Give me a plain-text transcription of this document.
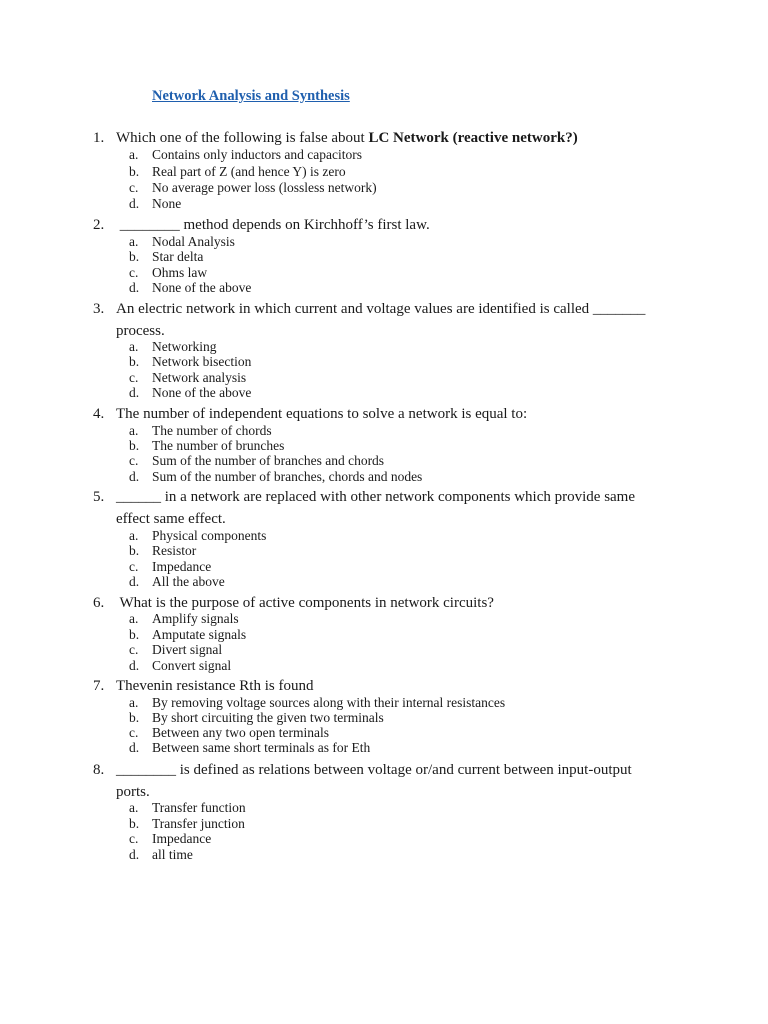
Network Analysis and Synthesis
1. Which one of the following is false about LC Network (reactive network?)
a. Contains only inductors and capacitors
b. Real part of Z (and hence Y) is zero
c. No average power loss (lossless network)
d. None
2. ________ method depends on Kirchhoff’s first law.
a. Nodal Analysis
b. Star delta
c. Ohms law
d. None of the above
3. An electric network in which current and voltage values are identified is called _______
process.
a. Networking
b. Network bisection
c. Network analysis
d. None of the above
4. The number of independent equations to solve a network is equal to:
a. The number of chords
b. The number of brunches
c. Sum of the number of branches and chords
d. Sum of the number of branches, chords and nodes
5. ______ in a network are replaced with other network components which provide same
effect same effect.
a. Physical components
b. Resistor
c. Impedance
d. All the above
6. What is the purpose of active components in network circuits?
a. Amplify signals
b. Amputate signals
c. Divert signal
d. Convert signal
7. Thevenin resistance Rth is found
a. By removing voltage sources along with their internal resistances
b. By short circuiting the given two terminals
c. Between any two open terminals
d. Between same short terminals as for Eth
8. ________ is defined as relations between voltage or/and current between input-output
ports.
a. Transfer function
b. Transfer junction
c. Impedance
d. all time
